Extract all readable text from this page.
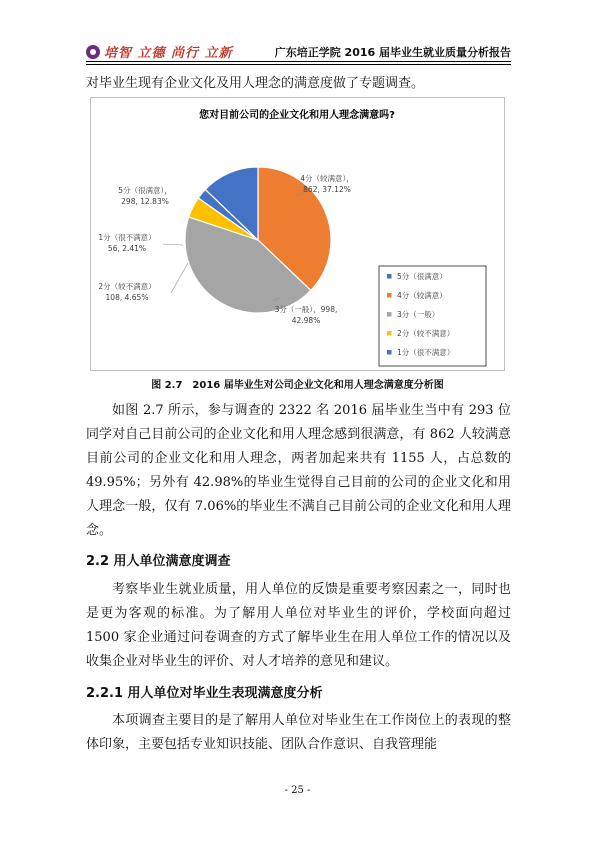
培智 立德 尚行 立新	广东培正学院 2016 届毕业生就业质量分析报告
对毕业生现有企业文化及用人理念的满意度做了专题调查。
您对目前公司的企业文化和用人理念满意吗?
4分（较满意），
862, 37.12%
3分（一般），998,
42.98%
2分（较不满意）
108, 4.65%
1分（很不满意）
56, 2.41%
5分（很满意），
298, 12.83%
5分（很满意）
4分（较满意）
3分（一般）
2分（较不满意）
1分（很不满意）
图 2.7　2016 届毕业生对公司企业文化和用人理念满意度分析图

如图 2.7 所示，参与调查的 2322 名 2016 届毕业生当中有 293 位同学对自己目前公司的企业文化和用人理念感到很满意，有 862 人较满意目前公司的企业文化和用人理念，两者加起来共有 1155 人，占总数的 49.95%；另外有 42.98%的毕业生觉得自己目前的公司的企业文化和用人理念一般，仅有 7.06%的毕业生不满自己目前公司的企业文化和用人理念。

2.2 用人单位满意度调查

考察毕业生就业质量，用人单位的反馈是重要考察因素之一，同时也是更为客观的标准。为了解用人单位对毕业生的评价，学校面向超过 1500 家企业通过问卷调查的方式了解毕业生在用人单位工作的情况以及收集企业对毕业生的评价、对人才培养的意见和建议。

2.2.1 用人单位对毕业生表现满意度分析

本项调查主要目的是了解用人单位对毕业生在工作岗位上的表现的整体印象，主要包括专业知识技能、团队合作意识、自我管理能

- 25 -
